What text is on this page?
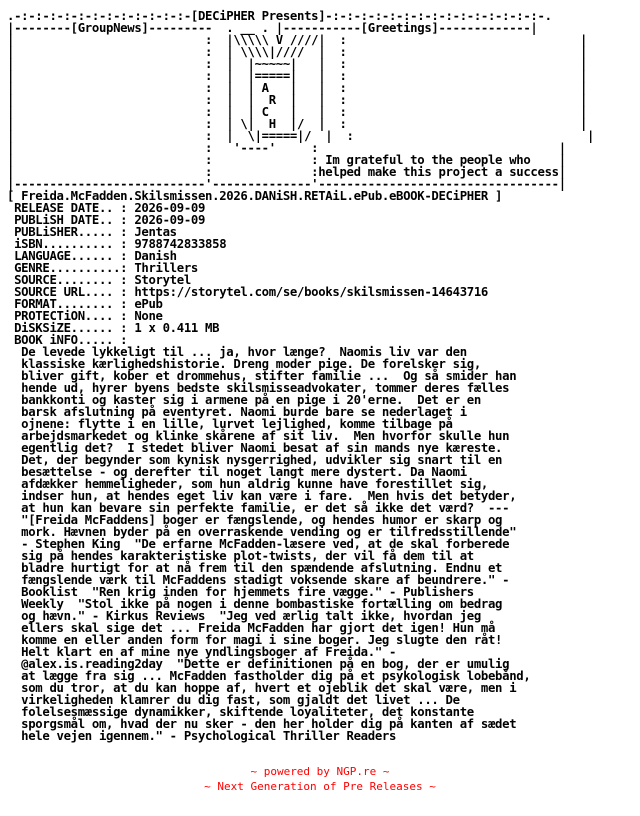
.-:-:-:-:-:-:-:-:-:-:-:-:-[DECiPHER Presents]-:-:-:-:-:-:-:-:-:-:-:-:-:-:-:-.
|--------[GroupNews]---------  . __ . |-----------[Greetings]-------------|
|                           :  |\\\\\ V ////|  :                                 |
|                           :  | \\\\|////  |  :                                 |
|                           :  |  |~~~~~|   |  :                                 |
|                           :  |  |=====|   |  :                                 |
|                           :  |  | A   |   |  :                                 |
|                           :  |  |  R  |   |  :                                 |
|                           :  |  | C   |   |  :                                 |
|                           :  | \|  H  |/  |  :                                 |
|                           :  |  \|=====|/  |  :                                 |
|                           :   '----'     :                                  |
|                           :              : Im grateful to the people who    |
|                           :              :helped make this project a success|
|---------------------------'--------------'----------------------------------|
[ Freida.McFadden.Skilsmissen.2026.DANiSH.RETAiL.ePub.eBOOK-DECiPHER ]
RELEASE DATE.. : 2026-09-09
PUBLiSH DATE.. : 2026-09-09
PUBLiSHER..... : Jentas
iSBN.......... : 9788742833858
LANGUAGE...... : Danish
GENRE..........: Thrillers
SOURCE........ : Storytel
SOURCE URL.... : https://storytel.com/se/books/skilsmissen-14643716
FORMAT........ : ePub
PROTECTiON.... : None
DiSKSiZE...... : 1 x 0.411 MB
BOOK iNFO..... :
De levede lykkeligt til ... ja, hvor længe?  Naomis liv var den
klassiske kærlighedshistorie. Dreng moder pige. De forelsker sig,
bliver gift, kober et drommehus, stifter familie ...  Og så smider han
hende ud, hyrer byens bedste skilsmisseadvokater, tommer deres fælles
bankkonti og kaster sig i armene på en pige i 20'erne.  Det er en
barsk afslutning på eventyret. Naomi burde bare se nederlaget i
ojnene: flytte i en lille, lurvet lejlighed, komme tilbage på
arbejdsmarkedet og klinke skårene af sit liv.  Men hvorfor skulle hun
egentlig det?  I stedet bliver Naomi besat af sin mands nye kæreste.
Det, der begynder som kynisk nysgerrighed, udvikler sig snart til en
besættelse - og derefter til noget langt mere dystert. Da Naomi
afdækker hemmeligheder, som hun aldrig kunne have forestillet sig,
indser hun, at hendes eget liv kan være i fare.  Men hvis det betyder,
at hun kan bevare sin perfekte familie, er det så ikke det værd?  ---
"[Freida McFaddens] boger er fængslende, og hendes humor er skarp og
mork. Hævnen byder på en overraskende vending og er tilfredsstillende"
- Stephen King  "De erfarne McFadden-læsere ved, at de skal forberede
sig på hendes karakteristiske plot-twists, der vil få dem til at
bladre hurtigt for at nå frem til den spændende afslutning. Endnu et
fængslende værk til McFaddens stadigt voksende skare af beundrere." -
Booklist  "Ren krig inden for hjemmets fire vægge." - Publishers
Weekly  "Stol ikke på nogen i denne bombastiske fortælling om bedrag
og hævn." - Kirkus Reviews  "Jeg ved ærlig talt ikke, hvordan jeg
ellers skal sige det ... Freida McFadden har gjort det igen! Hun må
komme en eller anden form for magi i sine boger. Jeg slugte den råt!
Helt klart en af mine nye yndlingsboger af Freida." -
@alex.is.reading2day  "Dette er definitionen på en bog, der er umulig
at lægge fra sig ... McFadden fastholder dig på et psykologisk lobebånd,
som du tror, at du kan hoppe af, hvert et ojeblik det skal være, men i
virkeligheden klamrer du dig fast, som gjaldt det livet ... De
folelsesmæssige dynamikker, skiftende loyaliteter, det konstante
sporgsmål om, hvad der nu sker - den her holder dig på kanten af sædet
hele vejen igennem." - Psychological Thriller Readers

~ powered by NGP.re ~
~ Next Generation of Pre Releases ~
